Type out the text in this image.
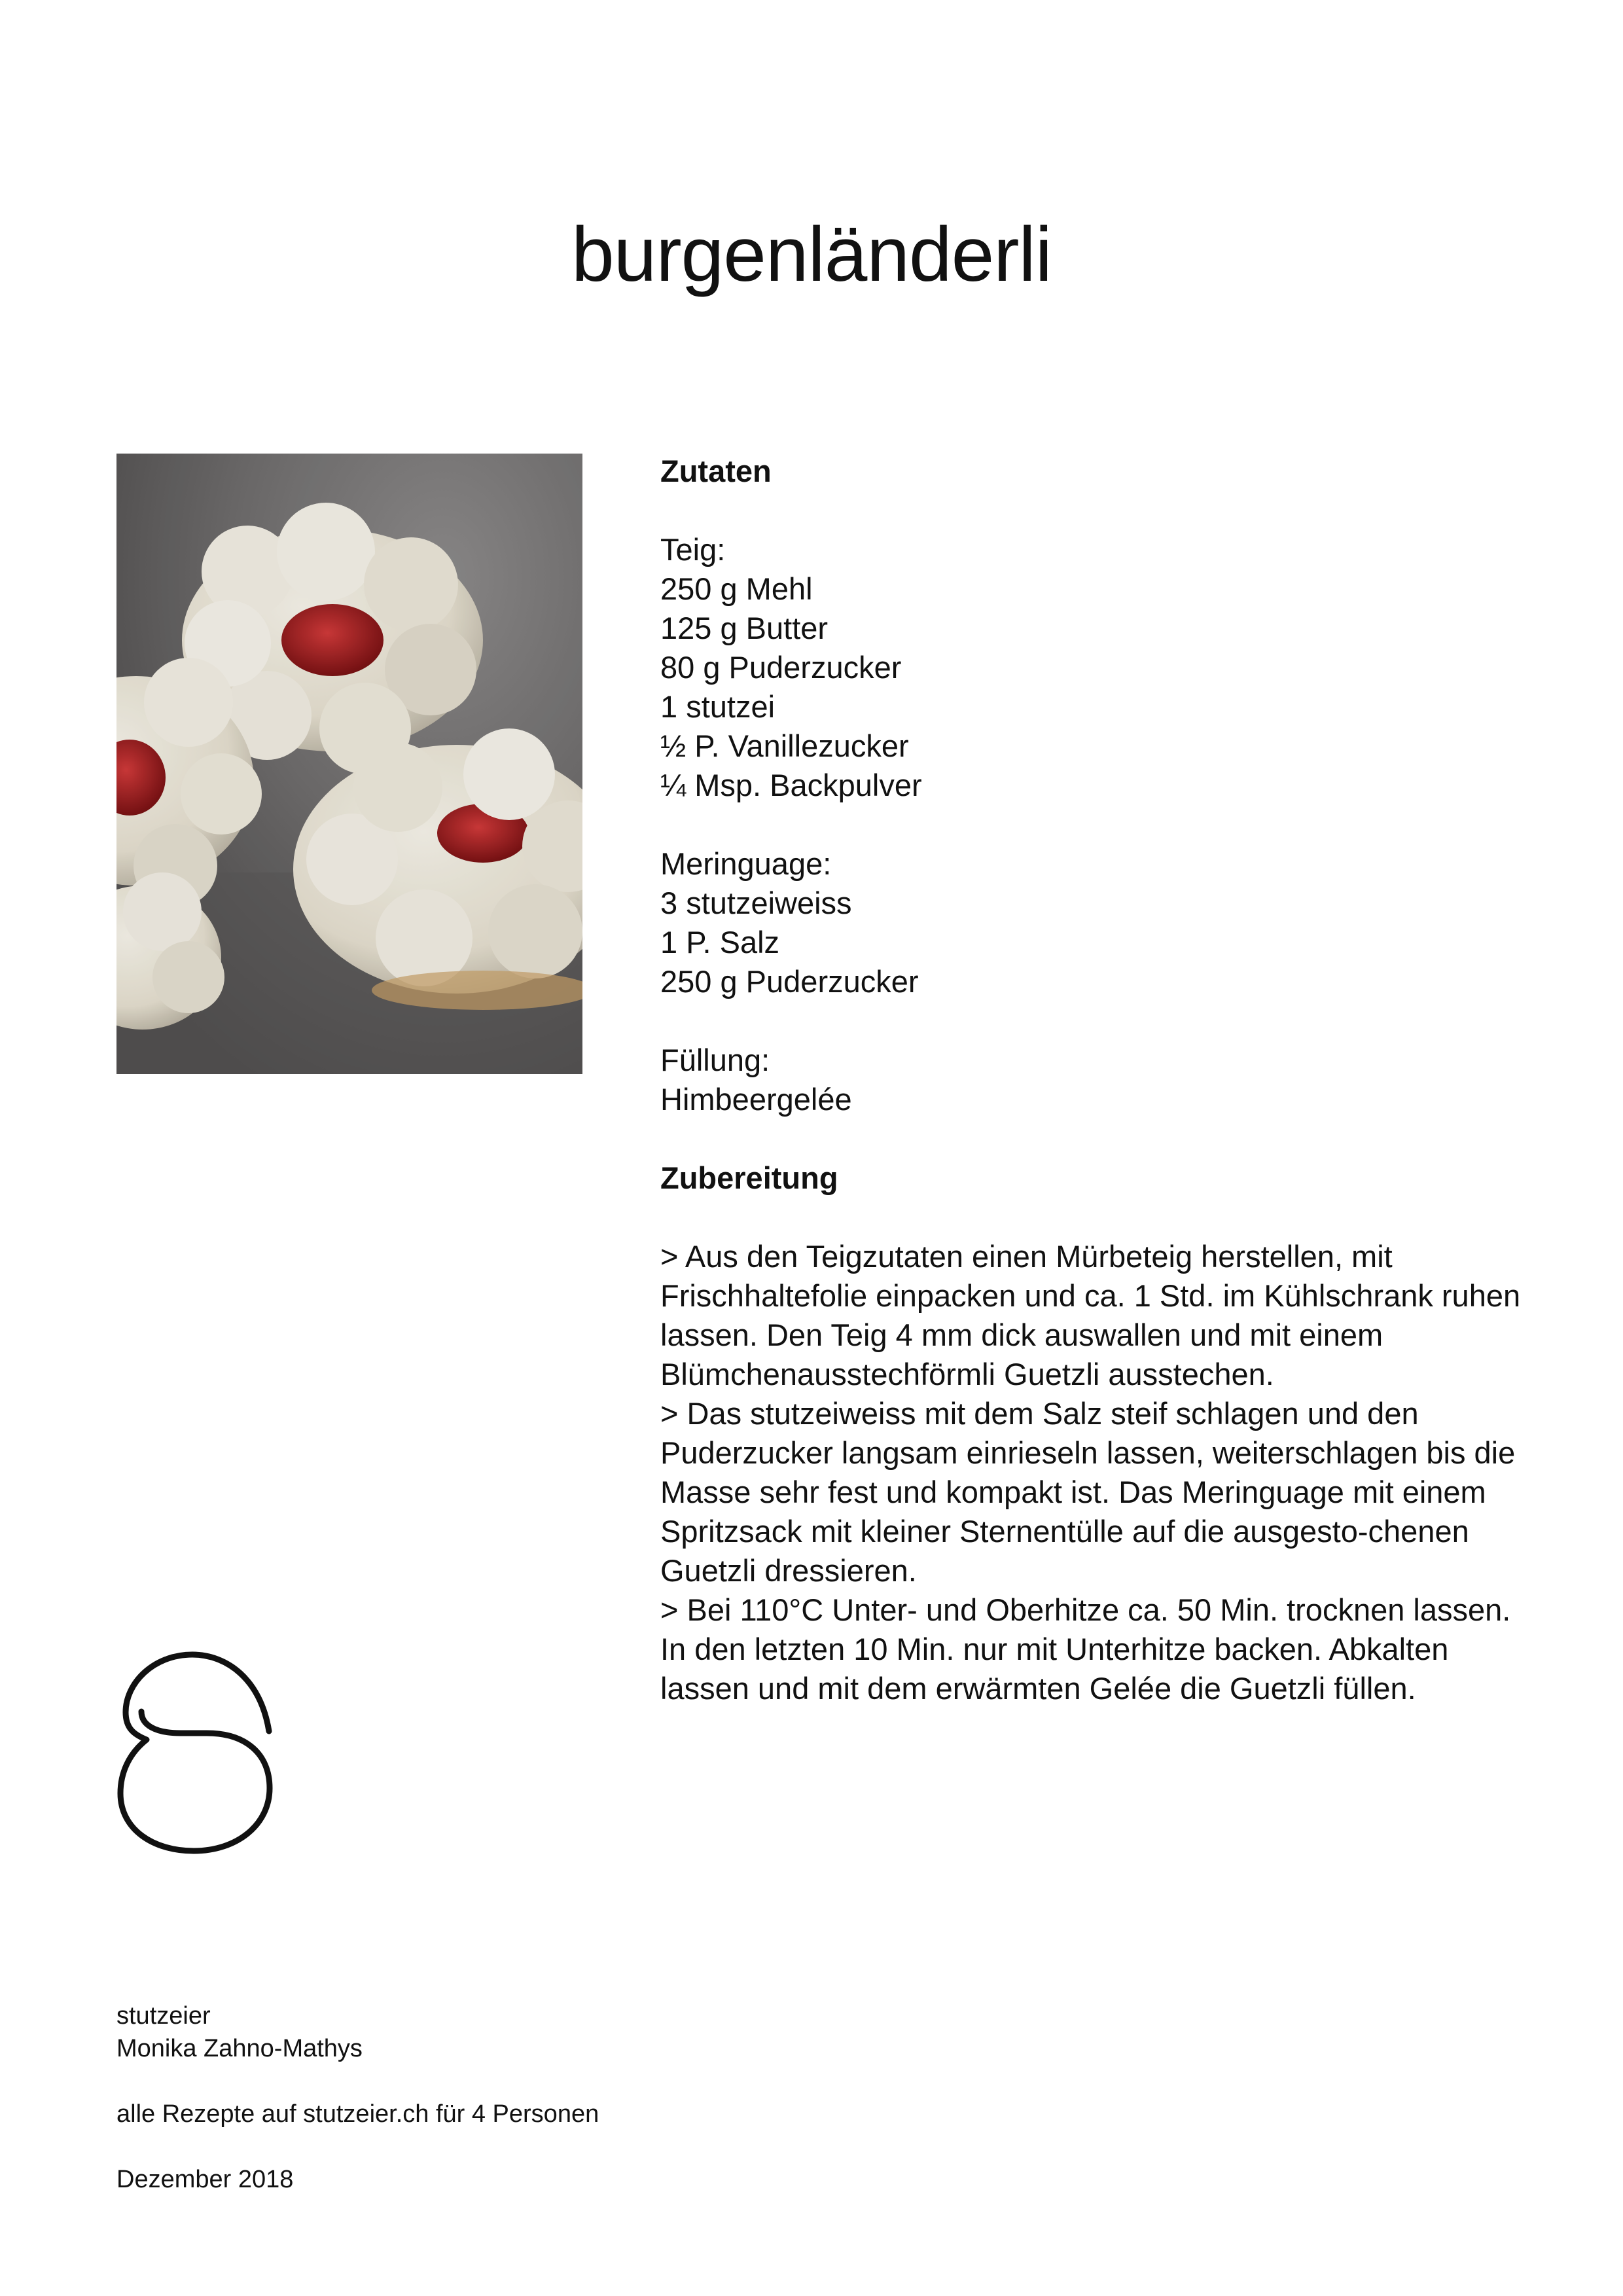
burgenländerli
Zutaten
Teig:
250 g Mehl
125 g Butter
80 g Puderzucker
1 stutzei
½ P. Vanillezucker
¼ Msp. Backpulver
Meringuage:
3 stutzeiweiss
1 P. Salz
250 g Puderzucker
Füllung:
Himbeergelée
Zubereitung

> Aus den Teigzutaten einen Mürbeteig herstellen, mit Frischhaltefolie einpacken und ca. 1 Std. im Kühlschrank ruhen lassen. Den Teig 4 mm dick auswallen und mit einem Blümchenausstechförmli Guetzli ausstechen.

> Das stutzeiweiss mit dem Salz steif schlagen und den Puderzucker langsam einrieseln lassen, weiterschlagen bis die Masse sehr fest und kompakt ist. Das Meringuage mit einem Spritzsack mit kleiner Sternentülle auf die ausgesto-chenen Guetzli dressieren.

> Bei 110°C Unter- und Oberhitze ca. 50 Min. trocknen lassen. In den letzten 10 Min. nur mit Unterhitze backen. Abkalten lassen und mit dem erwärmten Gelée die Guetzli füllen.

stutzeier
Monika Zahno-Mathys
alle Rezepte auf stutzeier.ch für 4 Personen
Dezember 2018
